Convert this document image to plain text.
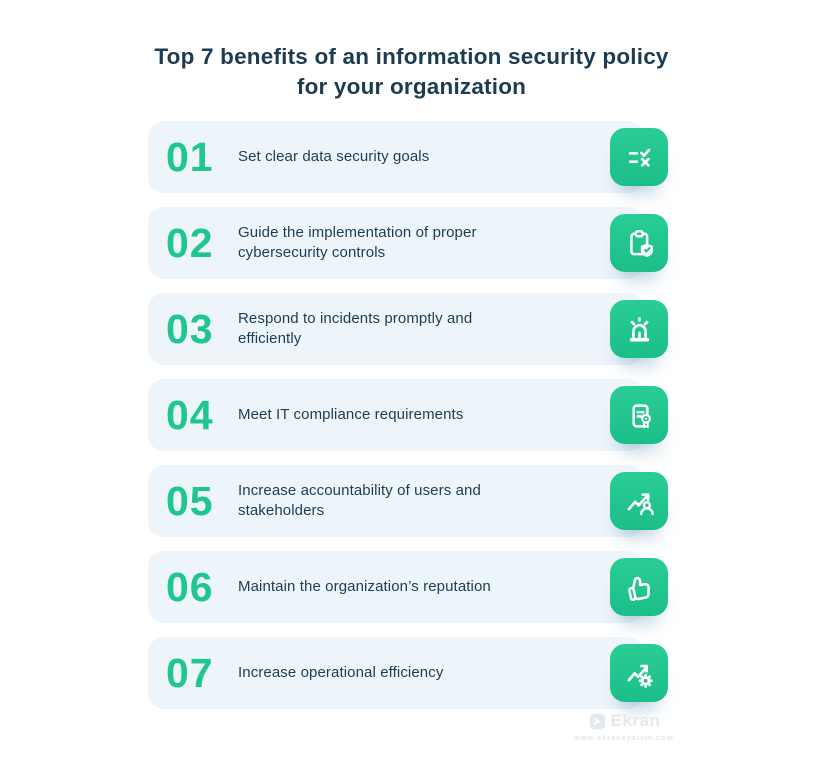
Top 7 benefits of an information security policy
for your organization
01	Set clear data security goals
02	Guide the implementation of proper
cybersecurity controls
03	Respond to incidents promptly and
efficiently
04	Meet IT compliance requirements
05	Increase accountability of users and
stakeholders
06	Maintain the organization’s reputation
07	Increase operational efficiency
Ekran
www.ekransystem.com
